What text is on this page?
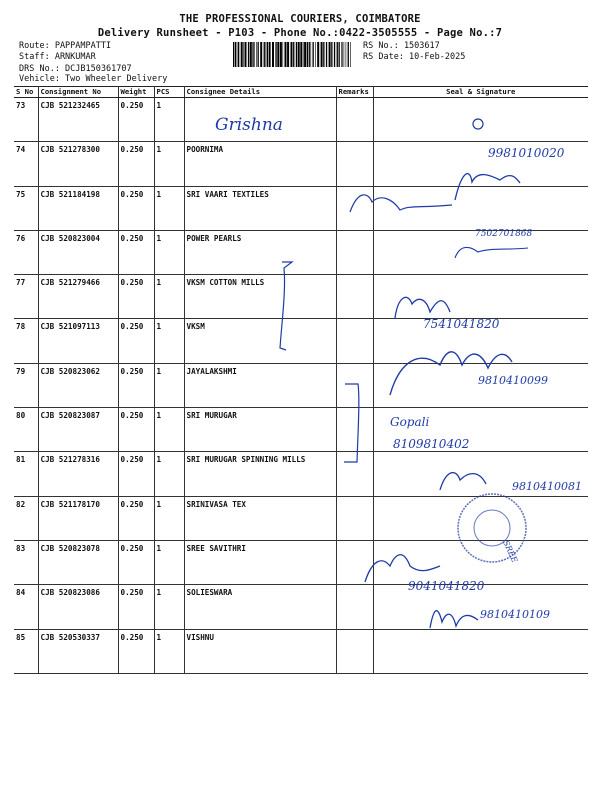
THE PROFESSIONAL COURIERS, COIMBATORE
Delivery Runsheet - P103 - Phone No.:0422-3505555 - Page No.:7
Route: PAPPAMPATTI
Staff: ARNKUMAR
DRS No.: DCJB150361707
Vehicle: Two Wheeler Delivery
RS No.: 1503617
RS Date: 10-Feb-2025
S No	Consignment No	Weight	PCS	Consignee Details	Remarks	Seal & Signature
73	CJB 521232465	0.250	1			
74	CJB 521278300	0.250	1	POORNIMA		
75	CJB 521184198	0.250	1	SRI VAARI TEXTILES		
76	CJB 520823004	0.250	1	POWER PEARLS		
77	CJB 521279466	0.250	1	VKSM COTTON MILLS		
78	CJB 521097113	0.250	1	VKSM		
79	CJB 520823062	0.250	1	JAYALAKSHMI		
80	CJB 520823087	0.250	1	SRI MURUGAR		
81	CJB 521278316	0.250	1	SRI MURUGAR SPINNING MILLS		
82	CJB 521178170	0.250	1	SRINIVASA TEX		
83	CJB 520823078	0.250	1	SREE SAVITHRI		
84	CJB 520823086	0.250	1	SOLIESWARA		
85	CJB 520530337	0.250	1	VISHNU		
Grishna
9981010020
7502701868
7541041820
9810410099
Gopali
8109810402
9810410081
SREE
9041041820
9810410109
